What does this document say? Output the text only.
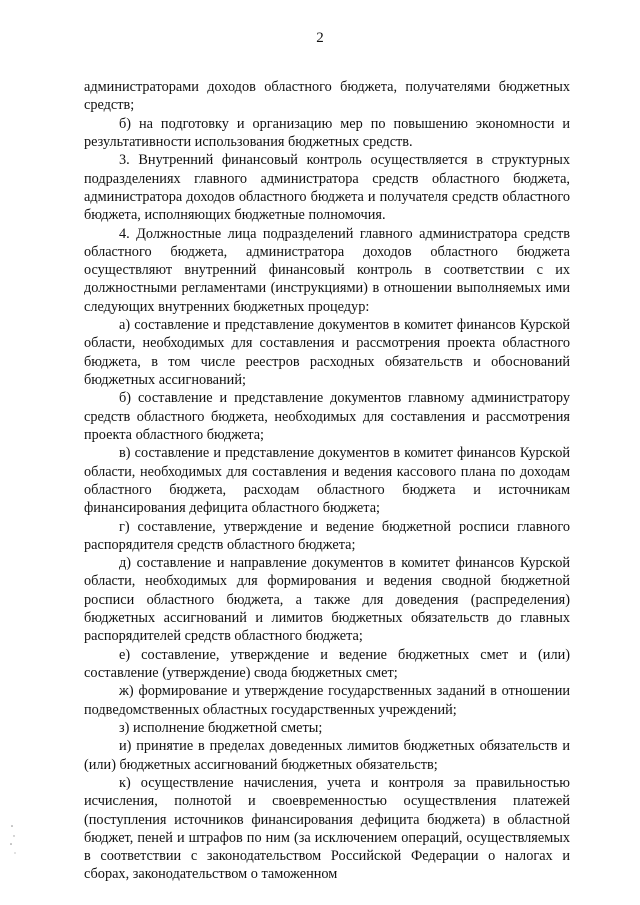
2

администраторами доходов областного бюджета, получателями бюджетных средств;

б) на подготовку и организацию мер по повышению экономности и результативности использования бюджетных средств.

3. Внутренний финансовый контроль осуществляется в структурных подразделениях главного администратора средств областного бюджета, администратора доходов областного бюджета и получателя средств областного бюджета, исполняющих бюджетные полномочия.

4. Должностные лица подразделений главного администратора средств областного бюджета, администратора доходов областного бюджета осуществляют внутренний финансовый контроль в соответствии с их должностными регламентами (инструкциями) в отношении выполняемых ими следующих внутренних бюджетных процедур:

а) составление и представление документов в комитет финансов Курской области, необходимых для составления и рассмотрения проекта областного бюджета, в том числе реестров расходных обязательств и обоснований бюджетных ассигнований;

б) составление и представление документов главному администратору средств областного бюджета, необходимых для составления и рассмотрения проекта областного бюджета;

в) составление и представление документов в комитет финансов Курской области, необходимых для составления и ведения кассового плана по доходам областного бюджета, расходам областного бюджета и источникам финансирования дефицита областного бюджета;

г) составление, утверждение и ведение бюджетной росписи главного распорядителя средств областного бюджета;

д) составление и направление документов в комитет финансов Курской области, необходимых для формирования и ведения сводной бюджетной росписи областного бюджета, а также для доведения (распределения) бюджетных ассигнований и лимитов бюджетных обязательств до главных распорядителей средств областного бюджета;

е) составление, утверждение и ведение бюджетных смет и (или) составление (утверждение) свода бюджетных смет;

ж) формирование и утверждение государственных заданий в отношении подведомственных областных государственных учреждений;

з) исполнение бюджетной сметы;

и) принятие в пределах доведенных лимитов бюджетных обязательств и (или) бюджетных ассигнований бюджетных обязательств;

к) осуществление начисления, учета и контроля за правильностью исчисления, полнотой и своевременностью осуществления платежей (поступления источников финансирования дефицита бюджета) в областной бюджет, пеней и штрафов по ним (за исключением операций, осуществляемых в соответствии с законодательством Российской Федерации о налогах и сборах, законодательством о таможенном
